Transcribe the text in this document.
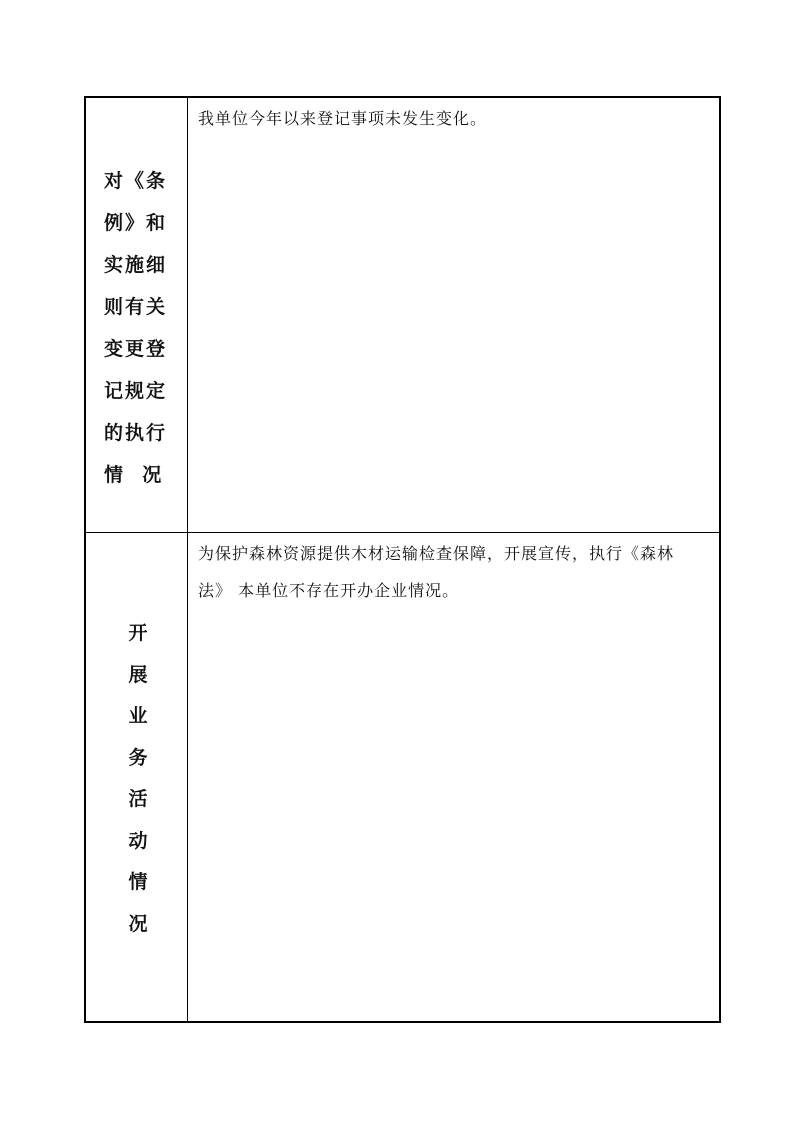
对《条
例》和
实施细
则有关
变更登
记规定
的执行
情  况
我单位今年以来登记事项未发生变化。
开
展
业
务
活
动
情
况
为保护森林资源提供木材运输检查保障，开展宣传，执行《森林
法》 本单位不存在开办企业情况。
